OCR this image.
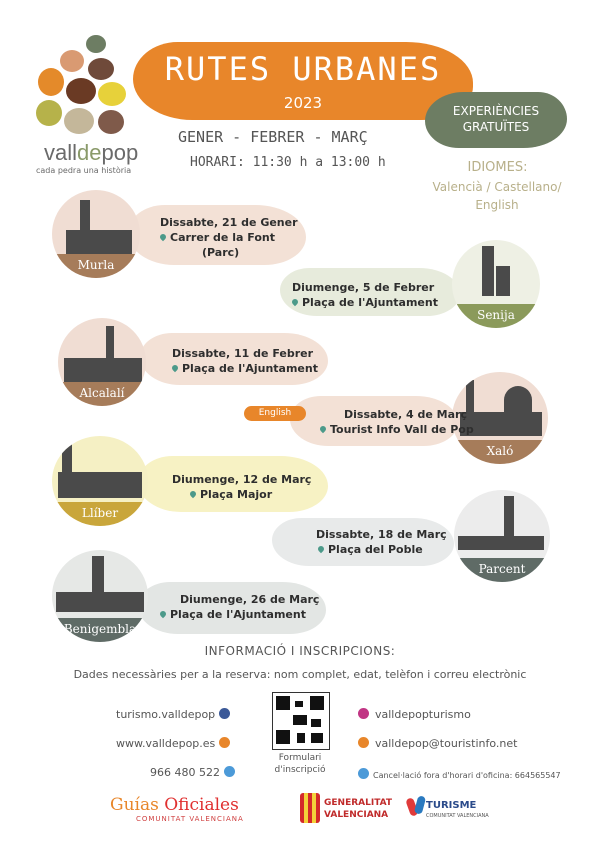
valldepop
cada pedra una història
RUTES URBANES
2023
GENER - FEBRER - MARÇ
HORARI: 11:30 h a 13:00 h
EXPERIÈNCIES
GRATUÏTES
IDIOMES:
Valencià / Castellano/
English
Murla
Dissabte, 21 de Gener
Carrer de la Font
(Parc)
Senija
Diumenge, 5 de Febrer
Plaça de l'Ajuntament
Alcalalí
Dissabte, 11 de Febrer
Plaça de l'Ajuntament
English
Xaló
Dissabte, 4 de Març
Tourist Info Vall de Pop
Llíber
Diumenge, 12 de Març
Plaça Major
Parcent
Dissabte, 18 de Març
Plaça del Poble
Benigembla
Diumenge, 26 de Març
Plaça de l'Ajuntament
INFORMACIÓ I INSCRIPCIONS:
Dades necessàries per a la reserva: nom complet, edat, telèfon i correu electrònic
turismo.valldepop
www.valldepop.es
966 480 522
Formulari
d'inscripció
valldepopturismo
valldepop@touristinfo.net
Cancel·lació fora d'horari d'oficina: 664565547
Guías Oficiales
COMUNITAT VALENCIANA
GENERALITAT
VALENCIANA
TURISME
COMUNITAT VALENCIANA
